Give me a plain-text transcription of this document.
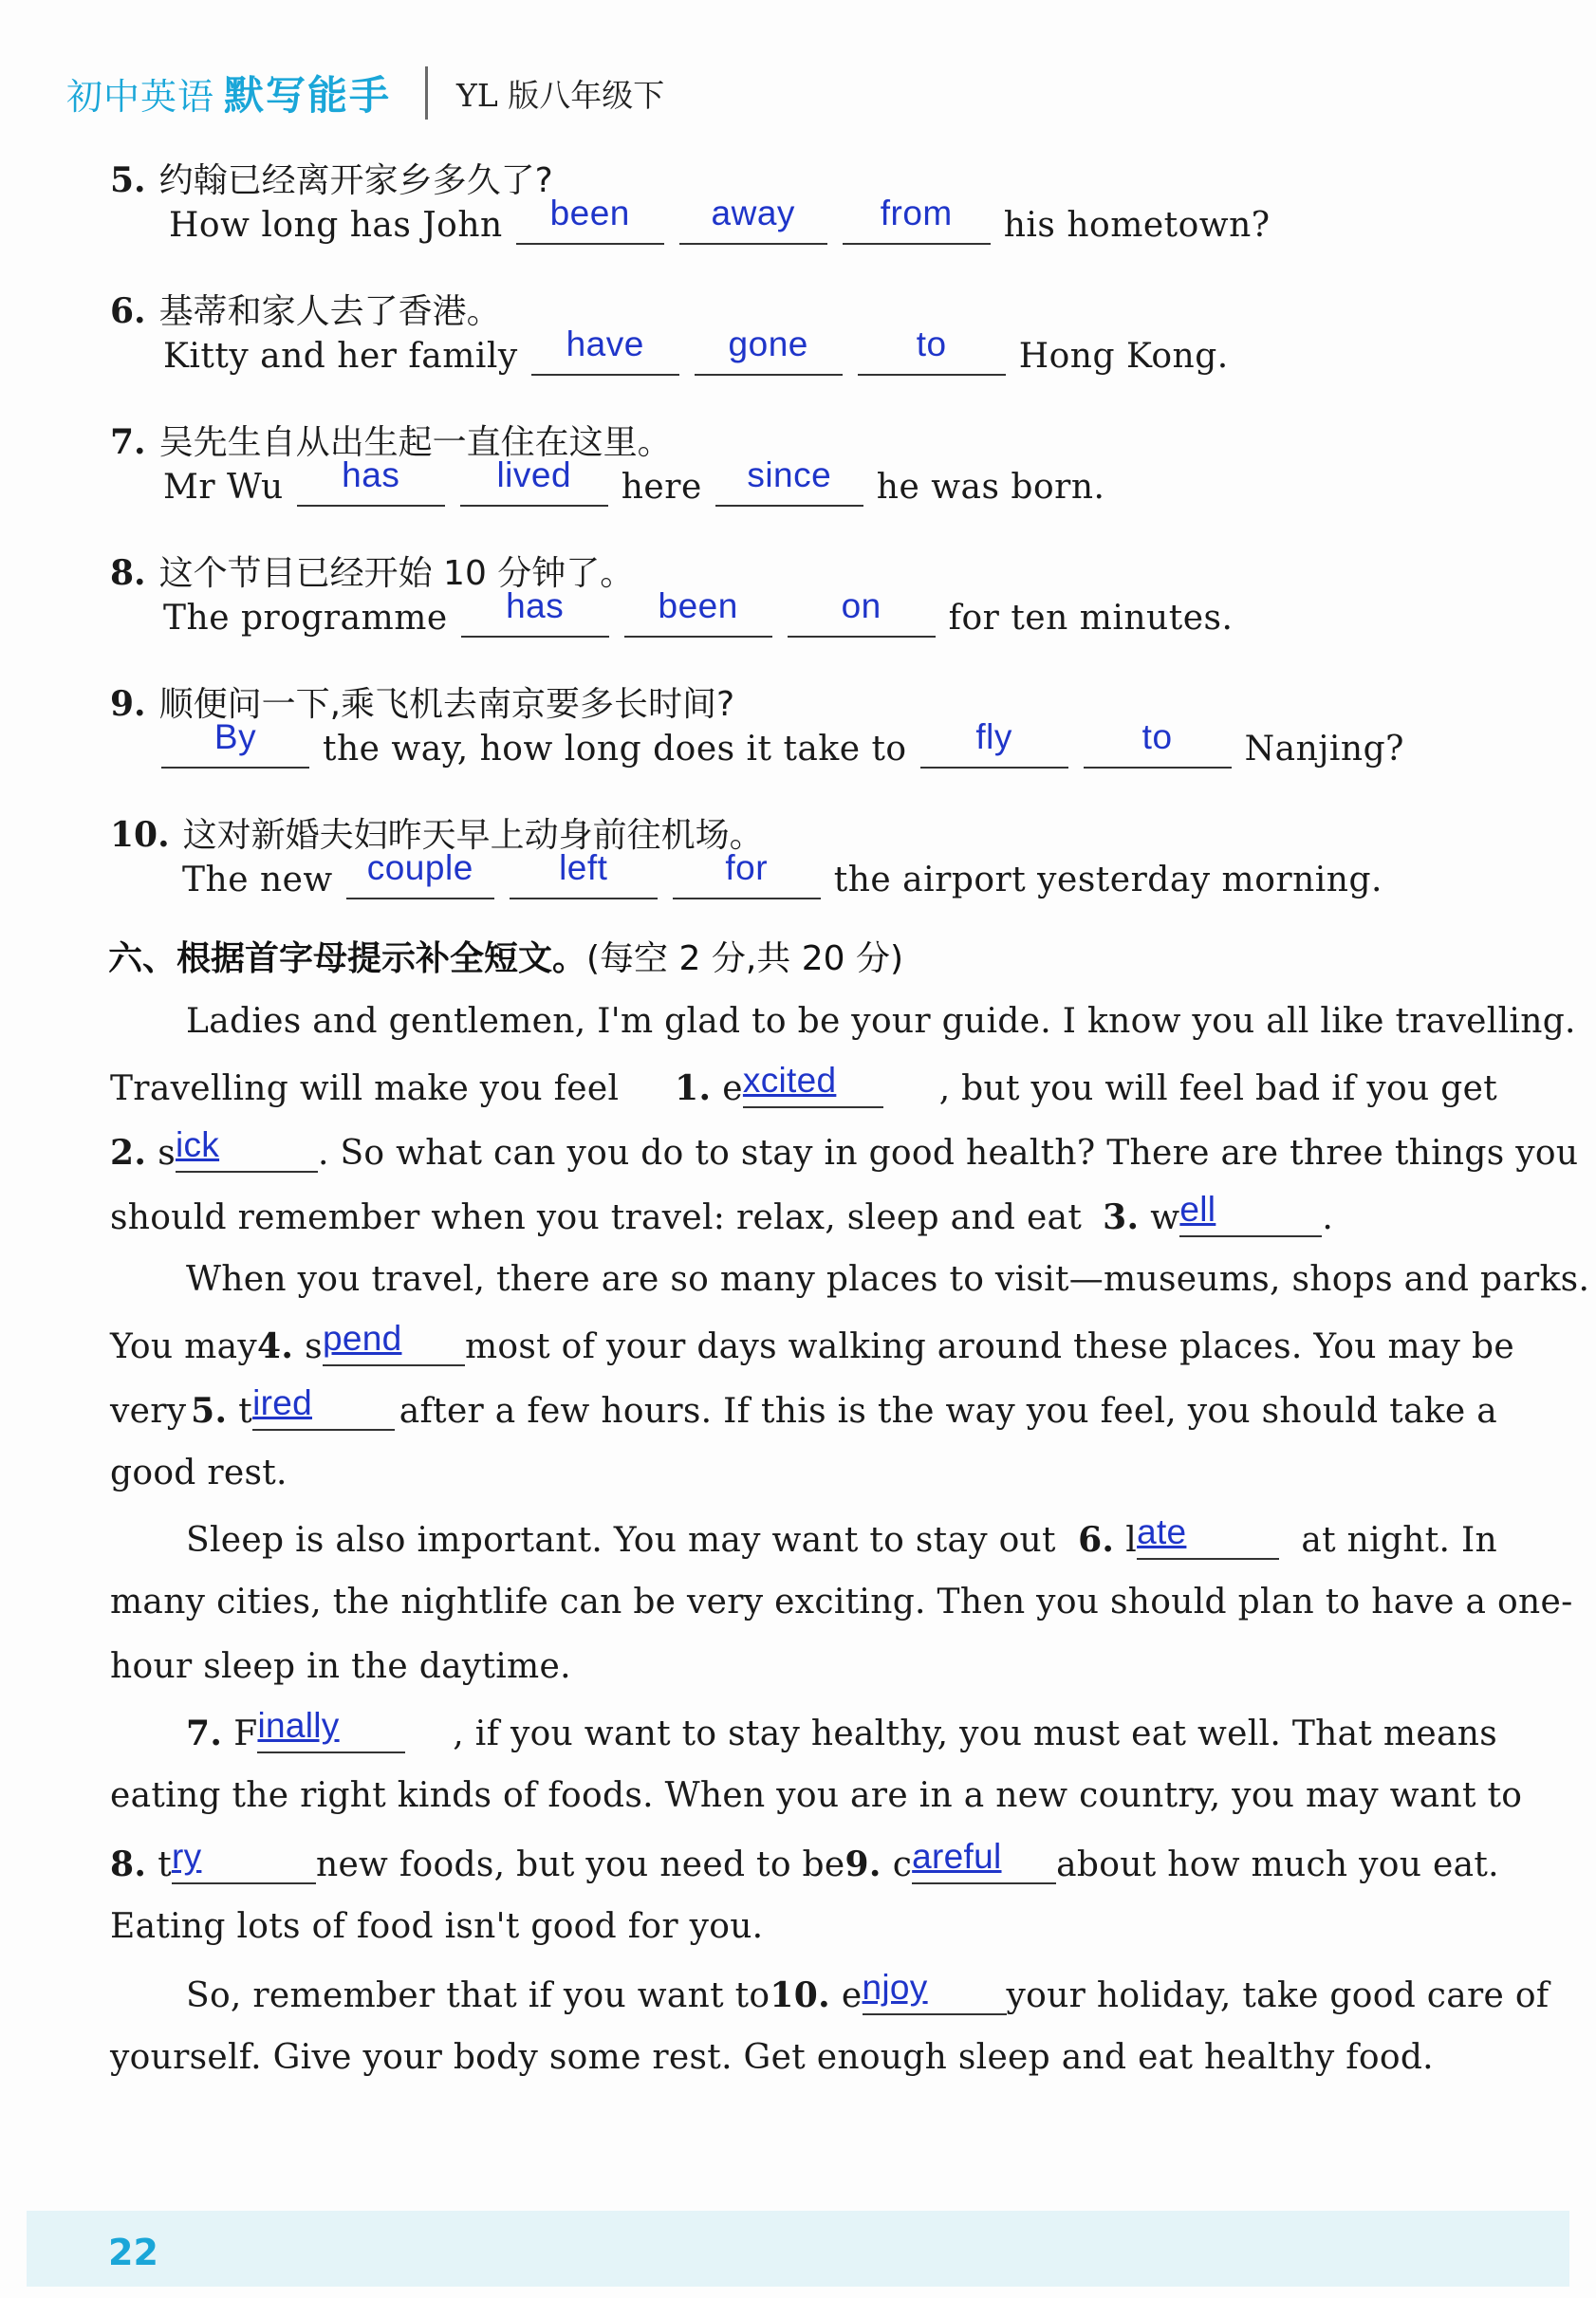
初中英语 默写能手 YL 版八年级下
5. 约翰已经离开家乡多久了?
How long has John	been	away	from	his hometown?
6. 基蒂和家人去了香港。
Kitty and her family	have	gone	to	Hong Kong.
7. 吴先生自从出生起一直住在这里。
Mr Wu	has	lived	here	since	he was born.
8. 这个节目已经开始 10 分钟了。
The programme	has	been	on	for ten minutes.
9. 顺便问一下,乘飞机去南京要多长时间?
By	the way, how long does it take to	fly	to	Nanjing?
10. 这对新婚夫妇昨天早上动身前往机场。
The new couple	left	for	the airport yesterday morning.
六、根据首字母提示补全短文。(每空 2 分,共 20 分)
Ladies and gentlemen, I'm glad to be your guide. I know you all like travelling.
Travelling will make you feel 1. e xcited	, but you will feel bad if you get
2. s ick	. So what can you do to stay in good health? There are three things you
should remember when you travel: relax, sleep and eat 3. w ell	.
When you travel, there are so many places to visit—museums, shops and parks.
You may 4. s pend most of your days walking around these places. You may be
very 5. t ired	after a few hours. If this is the way you feel, you should take a
good rest.
Sleep is also important. You may want to stay out 6. l ate	at night. In
many cities, the nightlife can be very exciting. Then you should plan to have a one-
hour sleep in the daytime.
7. F inally	, if you want to stay healthy, you must eat well. That means
eating the right kinds of foods. When you are in a new country, you may want to
8. t ry	new foods, but you need to be 9. c areful about how much you eat.
Eating lots of food isn't good for you.
So, remember that if you want to 10. e njoy your holiday, take good care of
yourself. Give your body some rest. Get enough sleep and eat healthy food.
22
